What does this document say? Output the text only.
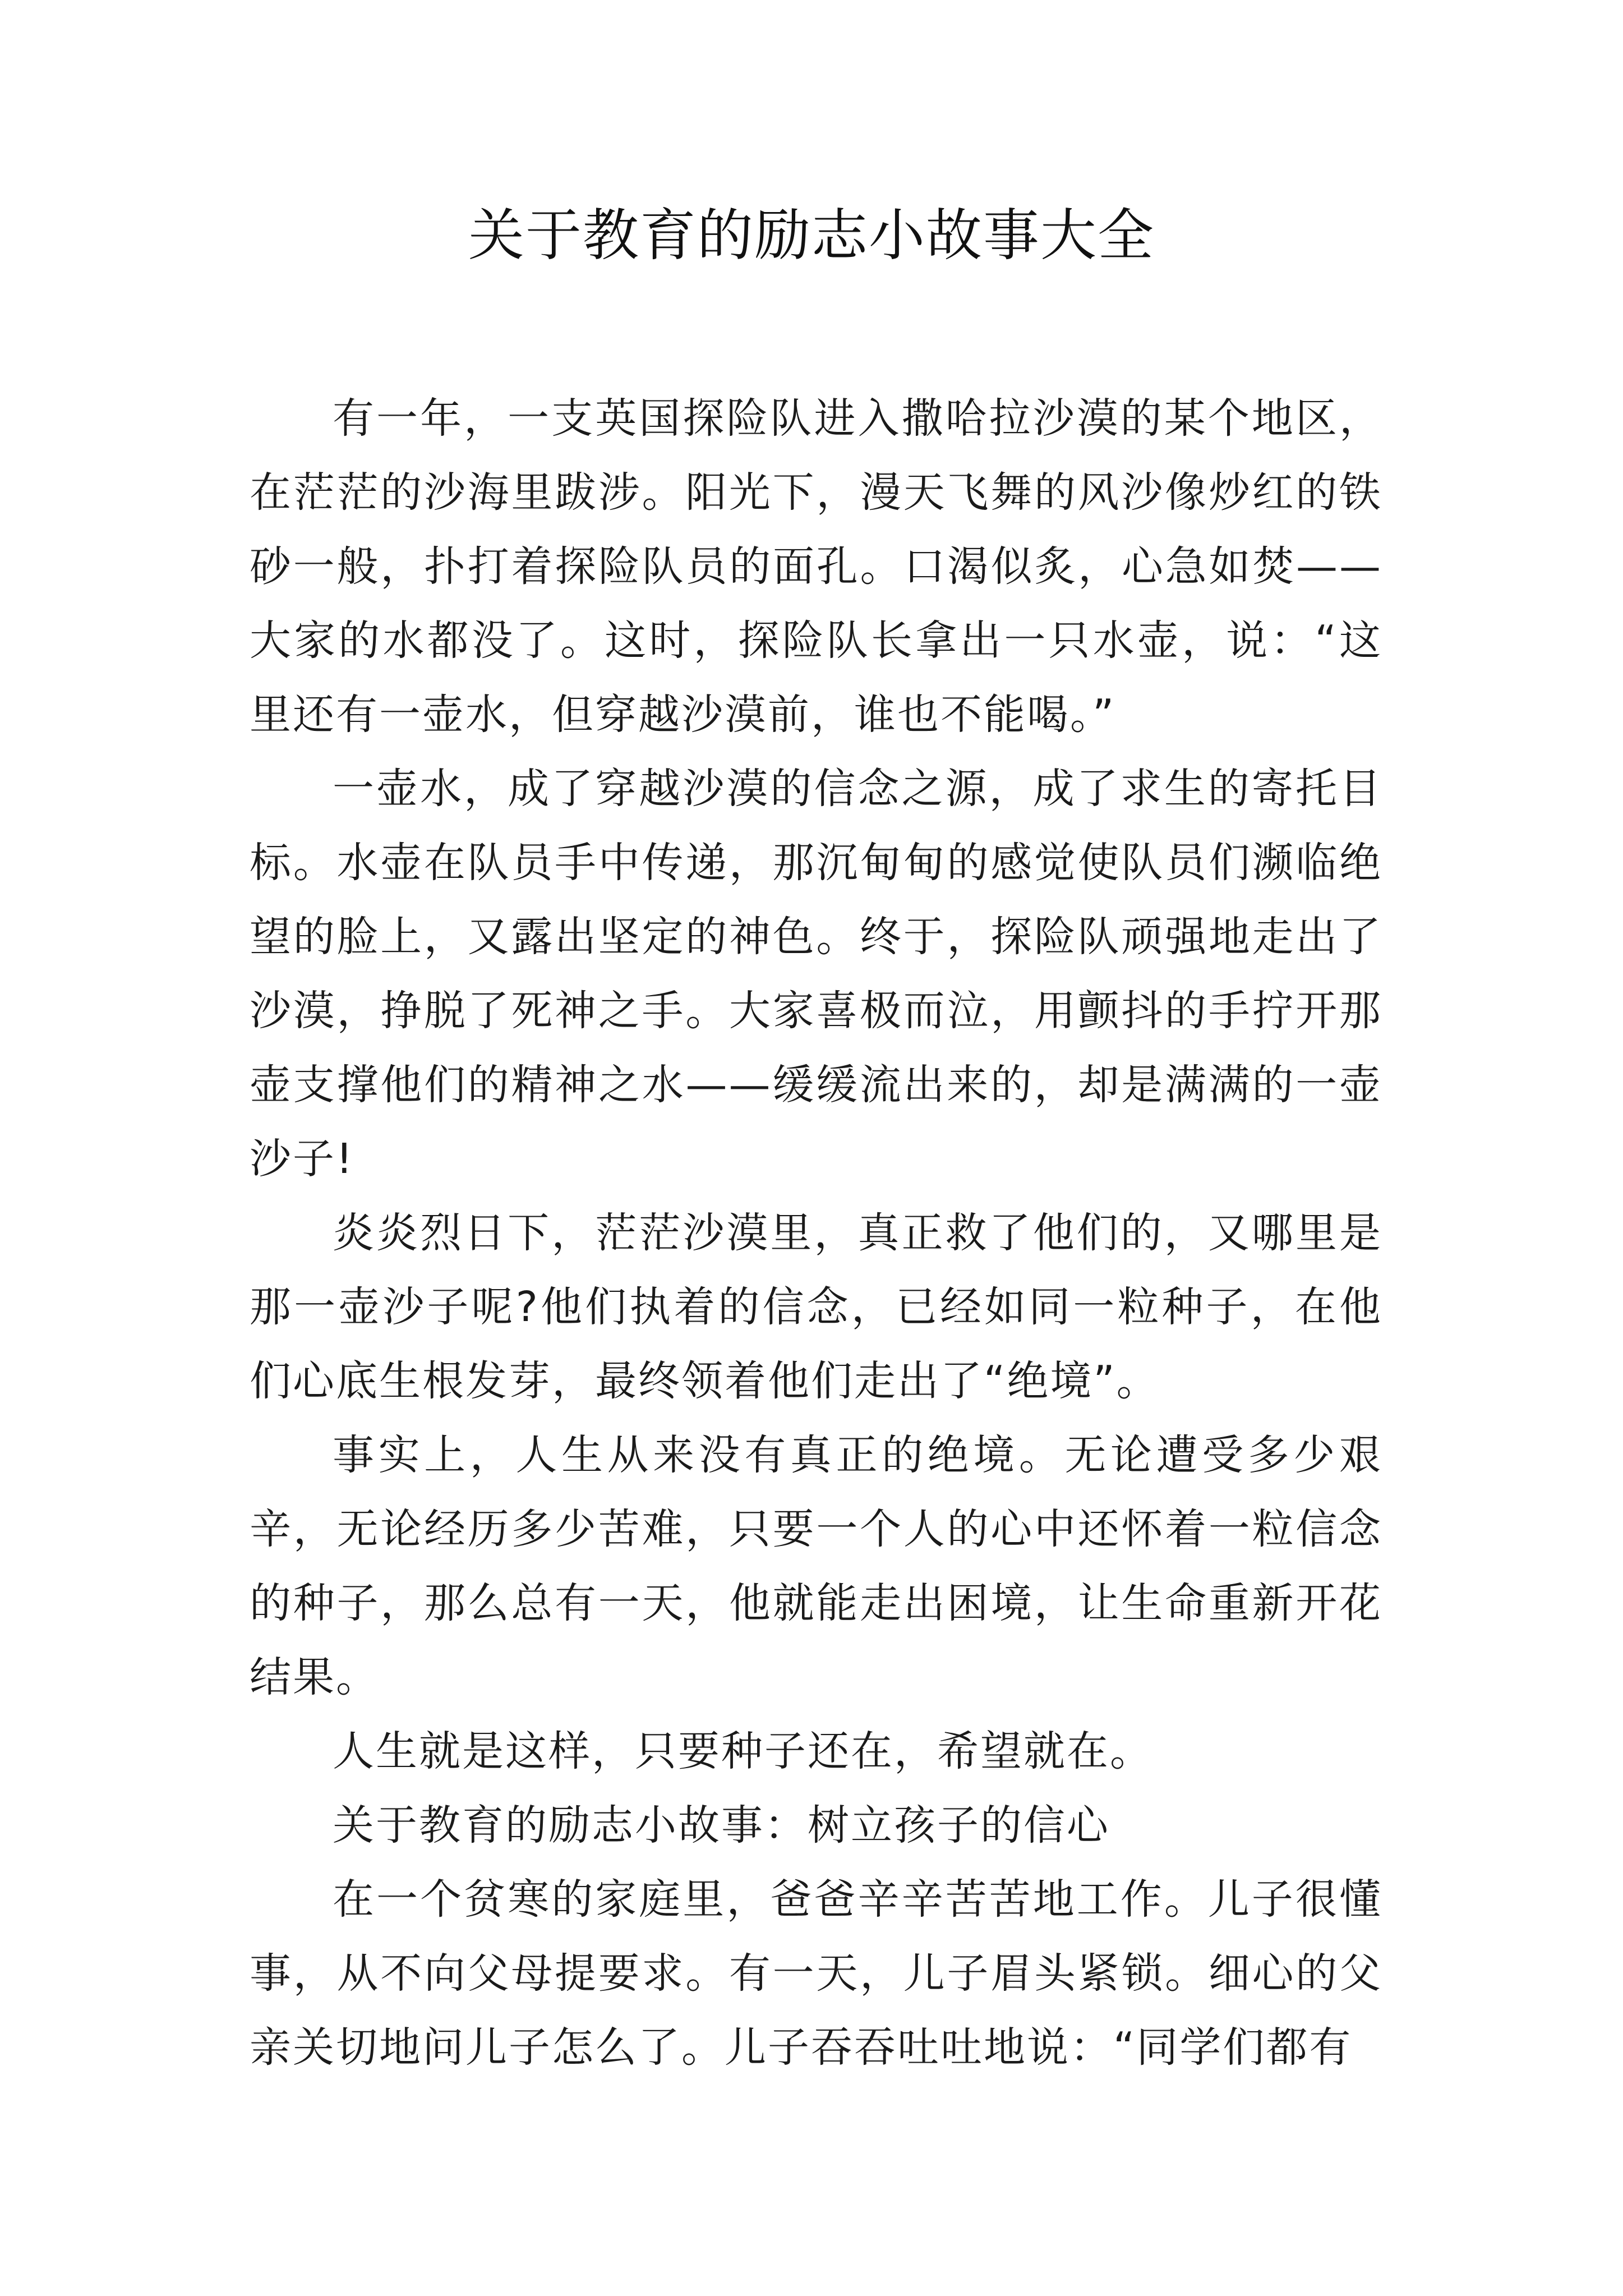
关于教育的励志小故事大全

有一年，一支英国探险队进入撒哈拉沙漠的某个地区，在茫茫的沙海里跋涉。阳光下，漫天飞舞的风沙像炒红的铁砂一般，扑打着探险队员的面孔。口渴似炙，心急如焚——大家的水都没了。这时，探险队长拿出一只水壶，说：“这里还有一壶水，但穿越沙漠前，谁也不能喝。”

一壶水，成了穿越沙漠的信念之源，成了求生的寄托目标。水壶在队员手中传递，那沉甸甸的感觉使队员们濒临绝望的脸上，又露出坚定的神色。终于，探险队顽强地走出了沙漠，挣脱了死神之手。大家喜极而泣，用颤抖的手拧开那壶支撑他们的精神之水——缓缓流出来的，却是满满的一壶沙子!

炎炎烈日下，茫茫沙漠里，真正救了他们的，又哪里是那一壶沙子呢?他们执着的信念，已经如同一粒种子，在他们心底生根发芽，最终领着他们走出了“绝境”。

事实上，人生从来没有真正的绝境。无论遭受多少艰辛，无论经历多少苦难，只要一个人的心中还怀着一粒信念的种子，那么总有一天，他就能走出困境，让生命重新开花结果。

人生就是这样，只要种子还在，希望就在。

关于教育的励志小故事：树立孩子的信心

在一个贫寒的家庭里，爸爸辛辛苦苦地工作。儿子很懂事，从不向父母提要求。有一天，儿子眉头紧锁。细心的父亲关切地问儿子怎么了。儿子吞吞吐吐地说：“同学们都有
